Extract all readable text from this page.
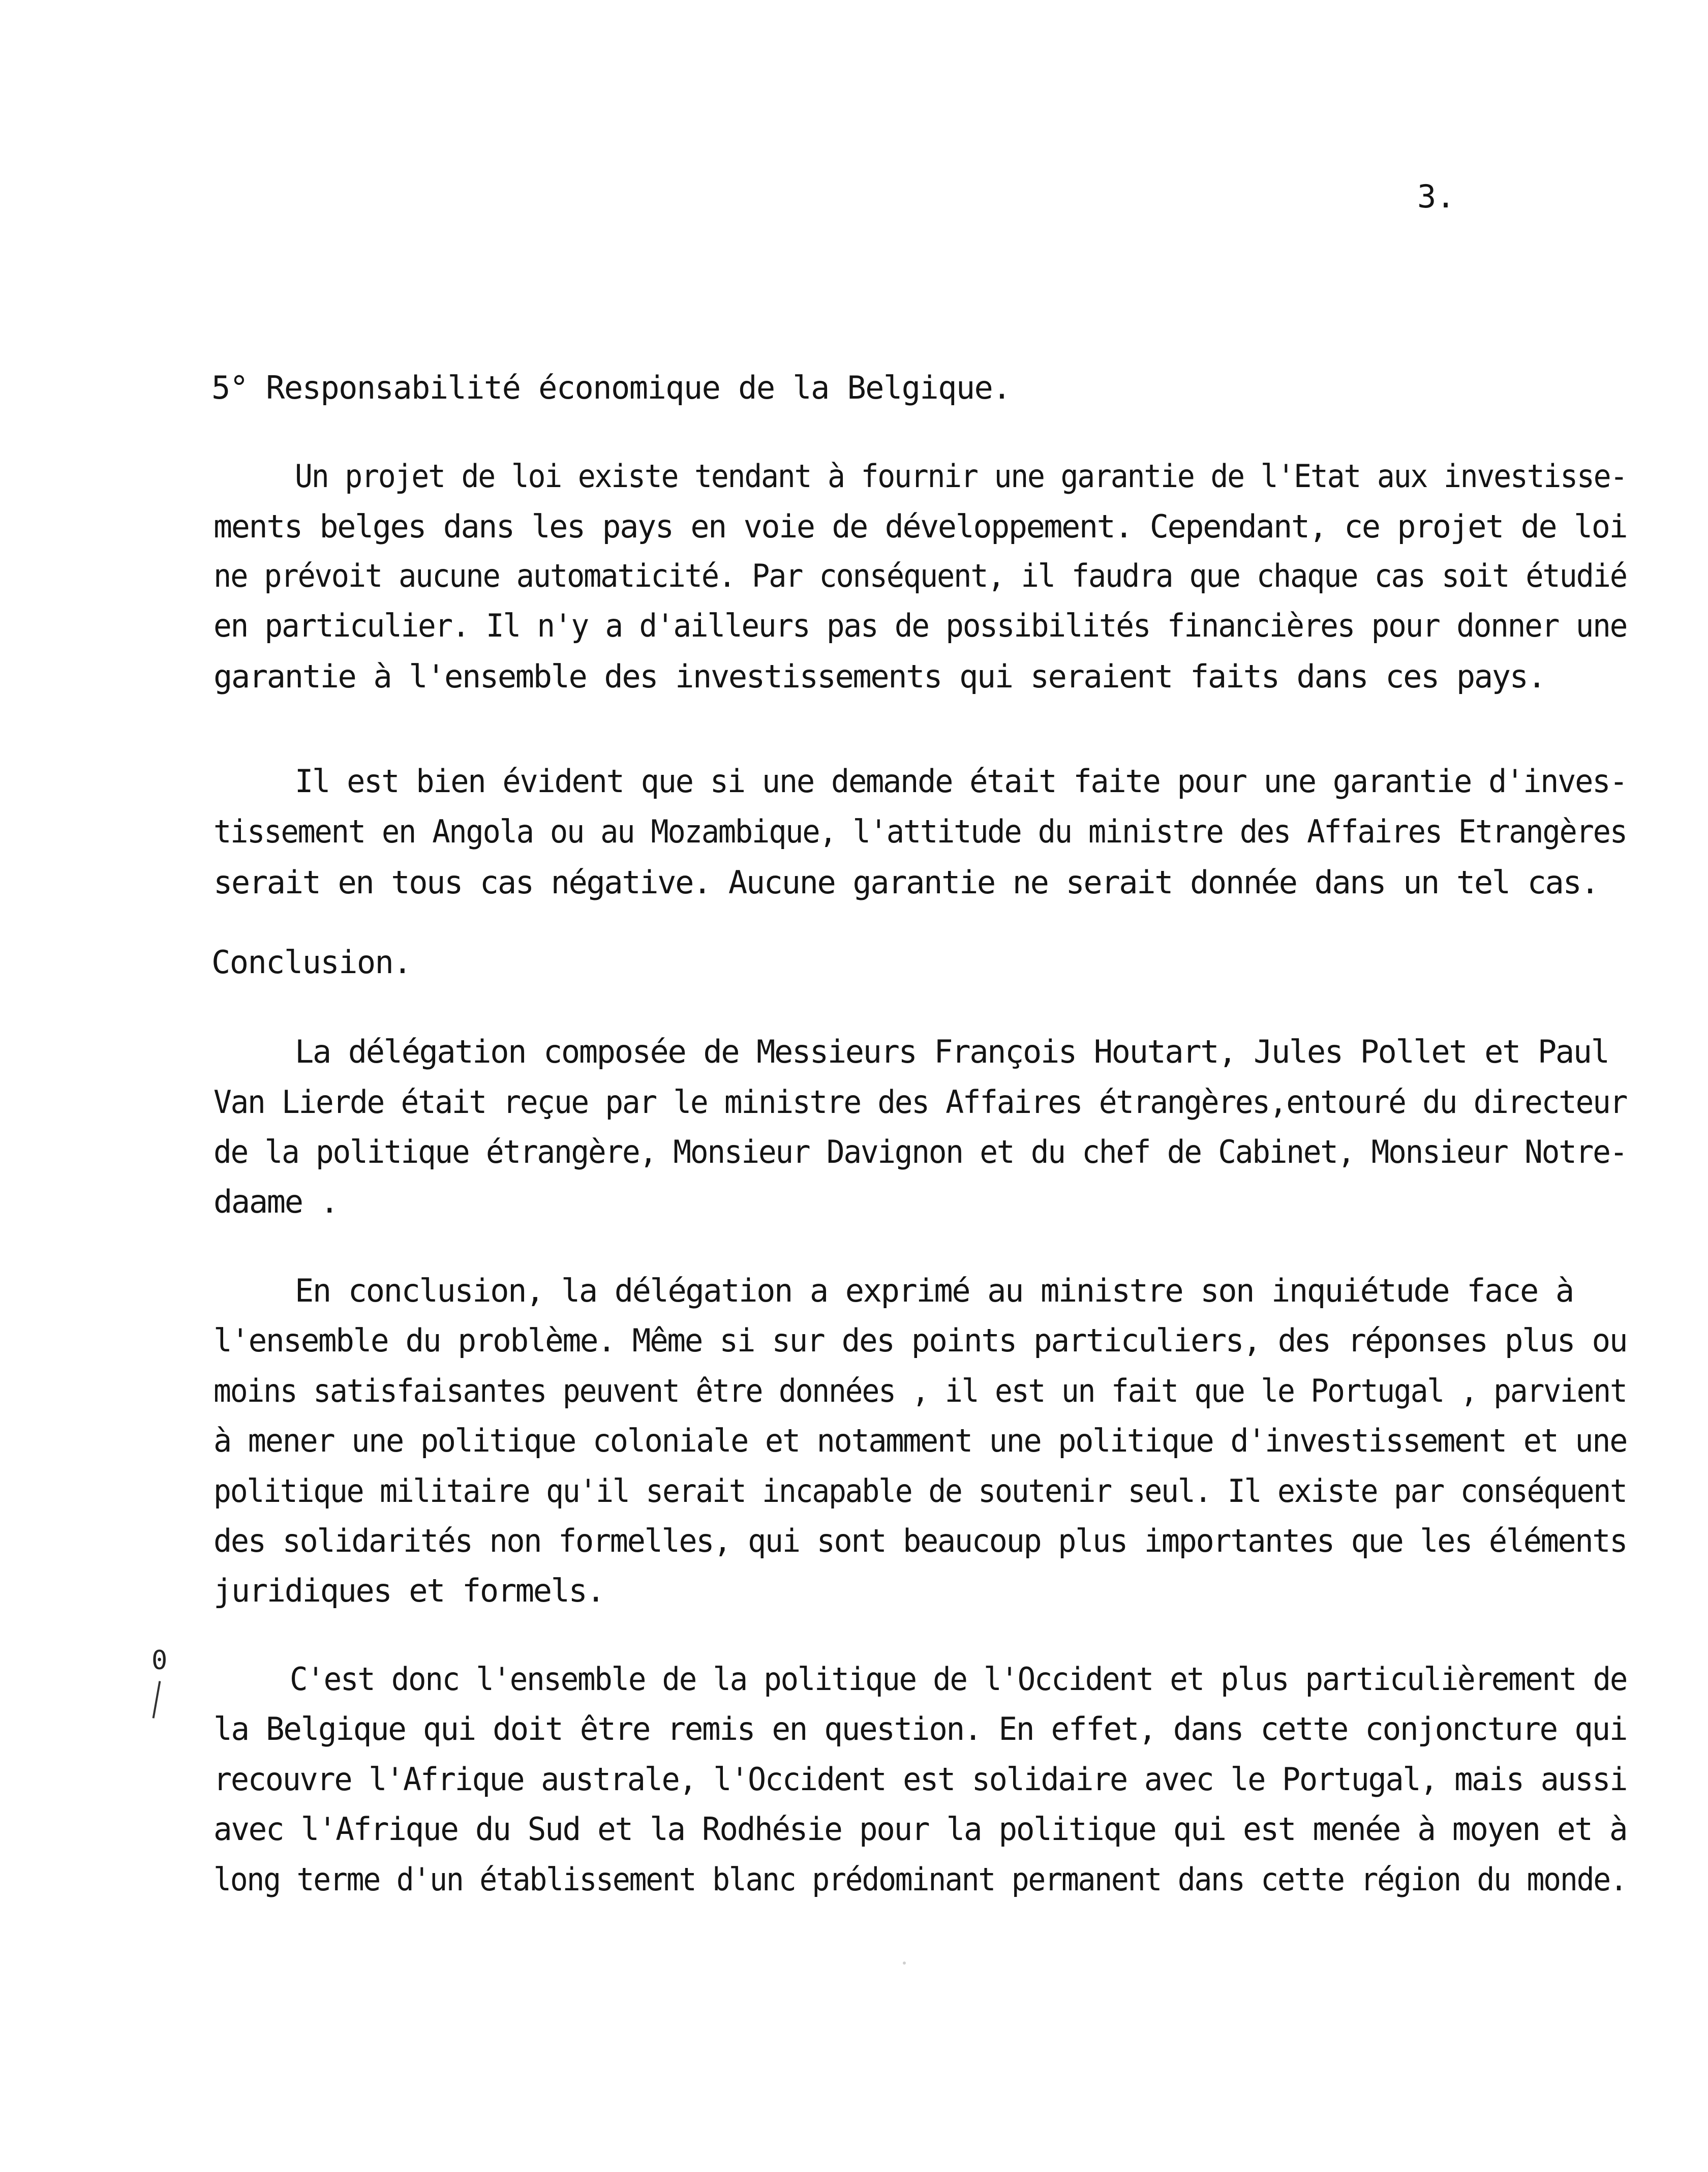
3.

5° Responsabilité économique de la Belgique.

Un projet de loi existe tendant à fournir une garantie de l'Etat aux investisse-

ments belges dans les pays en voie de développement. Cependant, ce projet de loi

ne prévoit aucune automaticité. Par conséquent, il faudra que chaque cas soit étudié

en particulier. Il n'y a d'ailleurs pas de possibilités financières pour donner une

garantie à l'ensemble des investissements qui seraient faits dans ces pays.

Il est bien évident que si une demande était faite pour une garantie d'inves-

tissement en Angola ou au Mozambique, l'attitude du ministre des Affaires Etrangères

serait en tous cas négative. Aucune garantie ne serait donnée dans un tel cas.

Conclusion.

La délégation composée de Messieurs François Houtart, Jules Pollet et Paul

Van Lierde était reçue par le ministre des Affaires étrangères,entouré du directeur

de la politique étrangère, Monsieur Davignon et du chef de Cabinet, Monsieur Notre-

daame .

En conclusion, la délégation a exprimé au ministre son inquiétude face à

l'ensemble du problème. Même si sur des points particuliers, des réponses plus ou

moins satisfaisantes peuvent être données , il est un fait que le Portugal , parvient

à mener une politique coloniale et notamment une politique d'investissement et une

politique militaire qu'il serait incapable de soutenir seul. Il existe par conséquent

des solidarités non formelles, qui sont beaucoup plus importantes que les éléments

juridiques et formels.

0	C'est donc l'ensemble de la politique de l'Occident et plus particulièrement de

la Belgique qui doit être remis en question. En effet, dans cette conjoncture qui

recouvre l'Afrique australe, l'Occident est solidaire avec le Portugal, mais aussi

avec l'Afrique du Sud et la Rodhésie pour la politique qui est menée à moyen et à

long terme d'un établissement blanc prédominant permanent dans cette région du monde.
